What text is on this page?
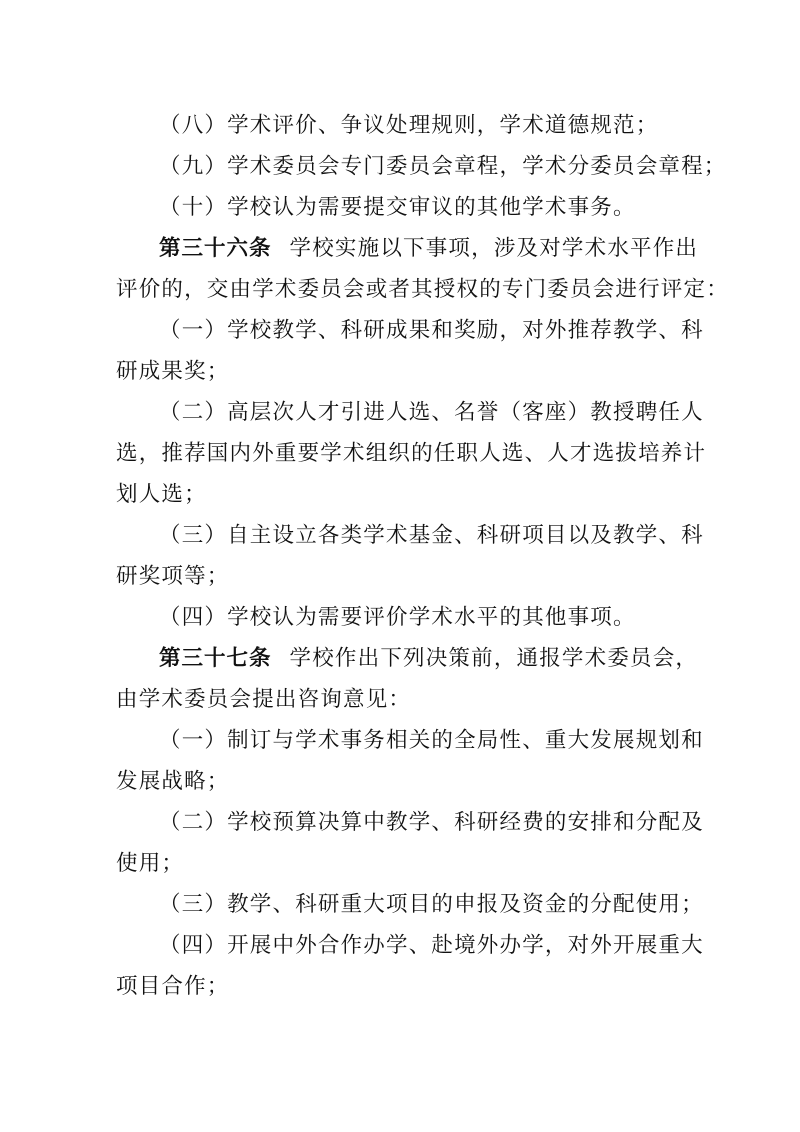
（八）学术评价、争议处理规则，学术道德规范；
（九）学术委员会专门委员会章程，学术分委员会章程；
（十）学校认为需要提交审议的其他学术事务。
第三十六条 学校实施以下事项，涉及对学术水平作出
评价的，交由学术委员会或者其授权的专门委员会进行评定：
（一）学校教学、科研成果和奖励，对外推荐教学、科
研成果奖；
（二）高层次人才引进人选、名誉（客座）教授聘任人
选，推荐国内外重要学术组织的任职人选、人才选拔培养计
划人选；
（三）自主设立各类学术基金、科研项目以及教学、科
研奖项等；
（四）学校认为需要评价学术水平的其他事项。
第三十七条 学校作出下列决策前，通报学术委员会，
由学术委员会提出咨询意见：
（一）制订与学术事务相关的全局性、重大发展规划和
发展战略；
（二）学校预算决算中教学、科研经费的安排和分配及
使用；
（三）教学、科研重大项目的申报及资金的分配使用；
（四）开展中外合作办学、赴境外办学，对外开展重大
项目合作；
